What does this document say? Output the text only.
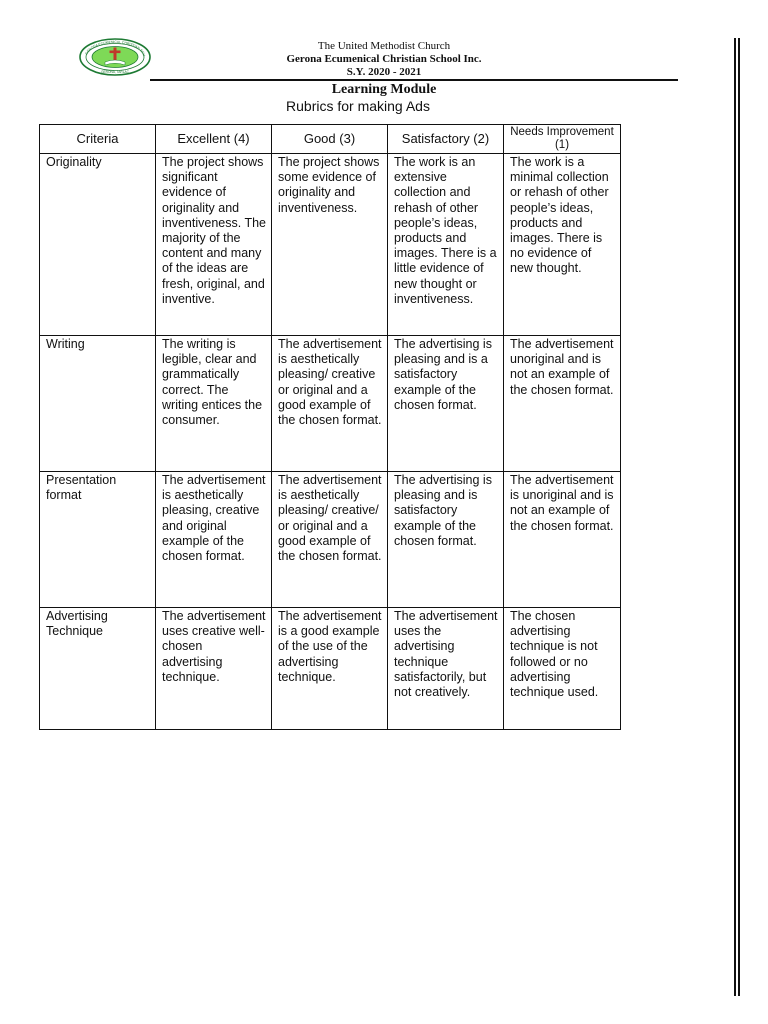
GERONA ECUMENICAL CHRISTIAN SCH
GERONA, TARLAC
The United Methodist Church
Gerona Ecumenical Christian School Inc.
S.Y. 2020 - 2021
Learning Module
Rubrics for making Ads
Criteria	Excellent (4)	Good (3)	Satisfactory (2)	Needs Improvement (1)
Originality	The project shows significant evidence of originality and inventiveness. The majority of the content and many of the ideas are fresh, original, and inventive.	The project shows some evidence of originality and inventiveness.	The work is an extensive collection and rehash of other people’s ideas, products and images. There is a little evidence of new thought or inventiveness.	The work is a minimal collection or rehash of other people’s ideas, products and images. There is no evidence of new thought.
Writing	The writing is legible, clear and grammatically correct. The writing entices the consumer.	The advertisement is aesthetically pleasing/ creative or original and a good example of the chosen format.	The advertising is pleasing and is a satisfactory example of the chosen format.	The advertisement unoriginal and is not an example of the chosen format.
Presentation format	The advertisement is aesthetically pleasing, creative and original example of the chosen format.	The advertisement is aesthetically pleasing/ creative/ or original and a good example of the chosen format.	The advertising is pleasing and is satisfactory example of the chosen format.	The advertisement is unoriginal and is not an example of the chosen format.
Advertising Technique	The advertisement uses creative well-chosen advertising technique.	The advertisement is a good example of the use of the advertising technique.	The advertisement uses the advertising technique satisfactorily, but not creatively.	The chosen advertising technique is not followed or no advertising technique used.
